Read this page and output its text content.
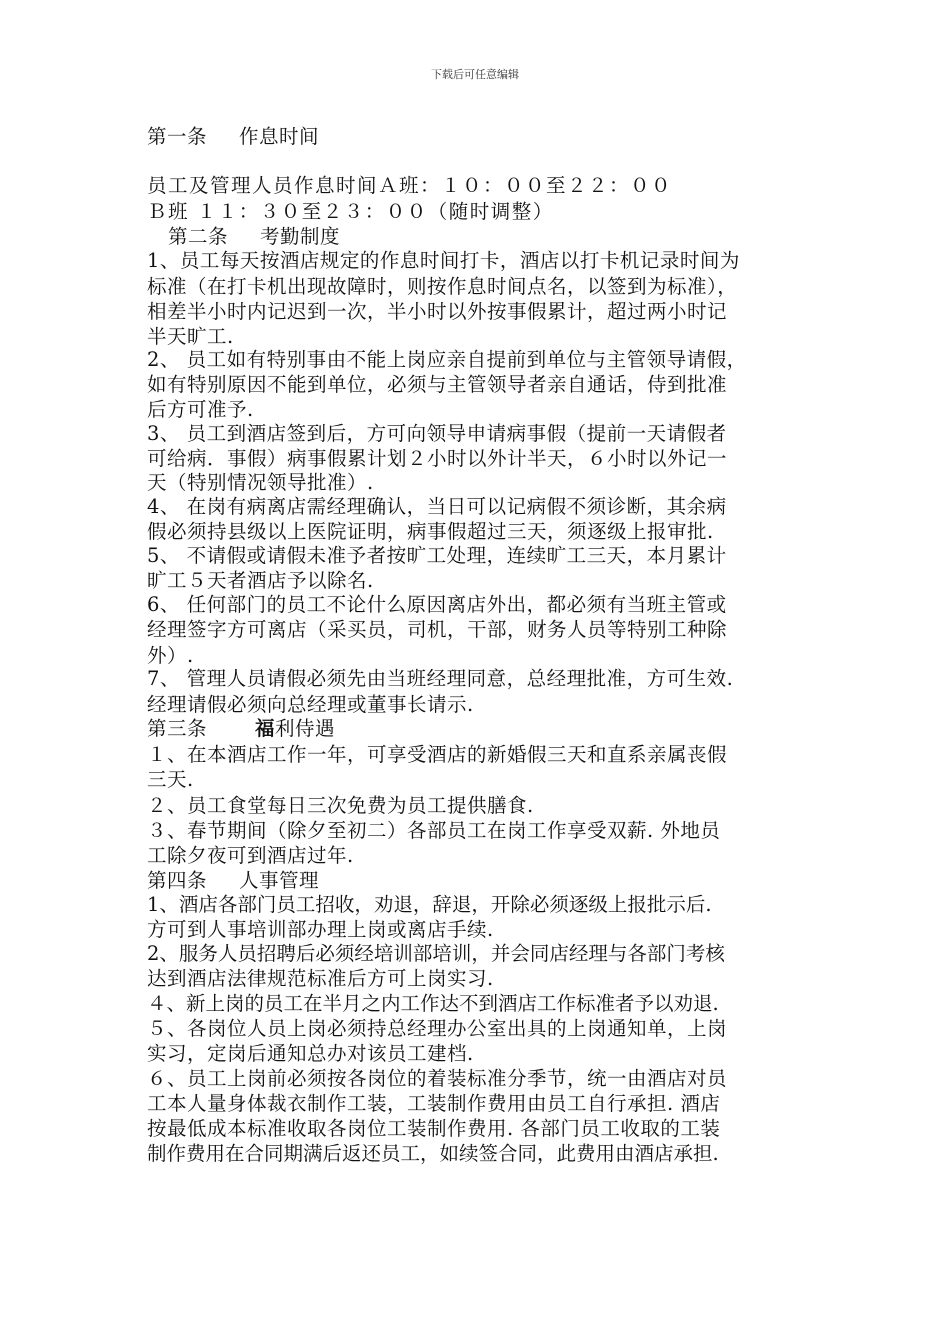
下载后可任意编辑
第一条 作息时间
员工及管理人员作息时间Ａ班：１０：００至２２：００
Ｂ班 １１：３０至２３：００（随时调整）
第二条 考勤制度
1、员工每天按酒店规定的作息时间打卡，酒店以打卡机记录时间为
标准（在打卡机出现故障时，则按作息时间点名，以签到为标准），
相差半小时内记迟到一次，半小时以外按事假累计，超过两小时记
半天旷工.
2、 员工如有特别事由不能上岗应亲自提前到单位与主管领导请假，
如有特别原因不能到单位，必须与主管领导者亲自通话，侍到批准
后方可准予.
3、 员工到酒店签到后，方可向领导申请病事假（提前一天请假者
可给病．事假）病事假累计划２小时以外计半天，６小时以外记一
天（特别情况领导批准）.
4、 在岗有病离店需经理确认，当日可以记病假不须诊断，其余病
假必须持县级以上医院证明，病事假超过三天，须逐级上报审批.
5、 不请假或请假未准予者按旷工处理，连续旷工三天，本月累计
旷工５天者酒店予以除名.
6、 任何部门的员工不论什么原因离店外出，都必须有当班主管或
经理签字方可离店（采买员，司机，干部，财务人员等特别工种除
外）.
7、 管理人员请假必须先由当班经理同意，总经理批准，方可生效.
经理请假必须向总经理或董事长请示.
第三条 福利侍遇
１、在本酒店工作一年，可享受酒店的新婚假三天和直系亲属丧假
三天.
２、员工食堂每日三次免费为员工提供膳食.
３、春节期间（除夕至初二）各部员工在岗工作享受双薪. 外地员
工除夕夜可到酒店过年.
第四条 人事管理
1、酒店各部门员工招收，劝退，辞退，开除必须逐级上报批示后.
方可到人事培训部办理上岗或离店手续.
2、服务人员招聘后必须经培训部培训，并会同店经理与各部门考核
达到酒店法律规范标准后方可上岗实习.
４、新上岗的员工在半月之内工作达不到酒店工作标准者予以劝退.
５、各岗位人员上岗必须持总经理办公室出具的上岗通知单，上岗
实习，定岗后通知总办对该员工建档.
６、员工上岗前必须按各岗位的着装标准分季节，统一由酒店对员
工本人量身体裁衣制作工装，工装制作费用由员工自行承担. 酒店
按最低成本标准收取各岗位工装制作费用. 各部门员工收取的工装
制作费用在合同期满后返还员工，如续签合同，此费用由酒店承担.
